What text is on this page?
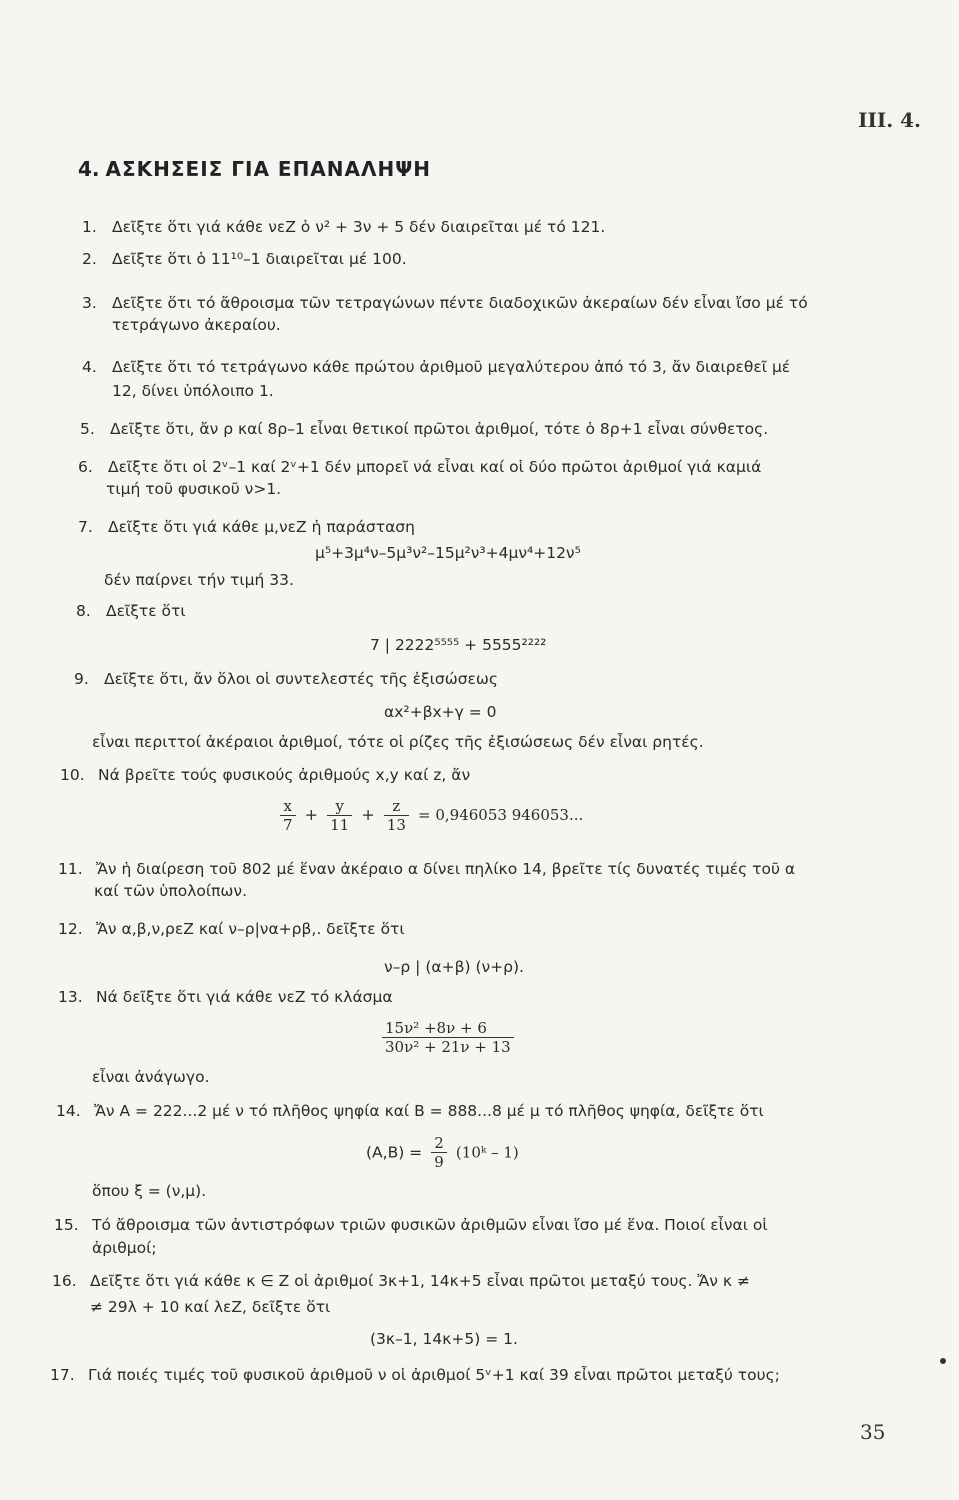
III. 4.
4. ΑΣΚΗΣΕΙΣ ΓΙΑ ΕΠΑΝΑΛΗΨΗ
1. Δεῖξτε ὅτι γιά κάθε νεZ ὁ ν² + 3ν + 5 δέν διαιρεῖται μέ τό 121.
2. Δεῖξτε ὅτι ὁ 11¹⁰–1 διαιρεῖται μέ 100.
3. Δεῖξτε ὅτι τό ἄθροισμα τῶν τετραγώνων πέντε διαδοχικῶν ἀκεραίων δέν εἶναι ἴσο μέ τό
τετράγωνο ἀκεραίου.
4. Δεῖξτε ὅτι τό τετράγωνο κάθε πρώτου ἀριθμοῦ μεγαλύτερου ἀπό τό 3, ἄν διαιρεθεῖ μέ
12, δίνει ὑπόλοιπο 1.
5. Δεῖξτε ὅτι, ἄν ρ καί 8ρ–1 εἶναι θετικοί πρῶτοι ἀριθμοί, τότε ὁ 8ρ+1 εἶναι σύνθετος.
6. Δεῖξτε ὅτι οἱ 2ᵛ–1 καί 2ᵛ+1 δέν μπορεῖ νά εἶναι καί οἱ δύο πρῶτοι ἀριθμοί γιά καμιά
τιμή τοῦ φυσικοῦ ν>1.
7. Δεῖξτε ὅτι γιά κάθε μ,νεZ ἡ παράσταση
μ⁵+3μ⁴ν–5μ³ν²–15μ²ν³+4μν⁴+12ν⁵
δέν παίρνει τήν τιμή 33.
8. Δεῖξτε ὅτι
7 | 2222⁵⁵⁵⁵ + 5555²²²²
9. Δεῖξτε ὅτι, ἄν ὅλοι οἱ συντελεστές τῆς ἐξισώσεως
αx²+βx+γ = 0
εἶναι περιττοί ἀκέραιοι ἀριθμοί, τότε οἱ ρίζες τῆς ἐξισώσεως δέν εἶναι ρητές.
10. Νά βρεῖτε τούς φυσικούς ἀριθμούς x,y καί z, ἄν
$\frac{x}{7} + \frac{y}{11} + \frac{z}{13} = 0,946053$ 946053...
11. Ἄν ἡ διαίρεση τοῦ 802 μέ ἕναν ἀκέραιο α δίνει πηλίκο 14, βρεῖτε τίς δυνατές τιμές τοῦ α
καί τῶν ὑπολοίπων.
12. Ἄν α,β,ν,ρεZ καί ν–ρ|να+ρβ,. δεῖξτε ὅτι
ν–ρ | (α+β) (ν+ρ).
13. Νά δεῖξτε ὅτι γιά κάθε νεZ τό κλάσμα
$\frac{\text{15ν² +8ν + 6}}{\text{30ν² + 21ν + 13}}$
εἶναι ἀνάγωγο.
14. Ἄν A = 222...2 μέ ν τό πλῆθος ψηφία καί B = 888...8 μέ μ τό πλῆθος ψηφία, δεῖξτε ὅτι
$(A,B) = \frac{2}{9}$ (10ᵏ – 1)
ὅπου ξ = (ν,μ).
15. Τό ἄθροισμα τῶν ἀντιστρόφων τριῶν φυσικῶν ἀριθμῶν εἶναι ἴσο μέ ἕνα. Ποιοί εἶναι οἱ
ἀριθμοί;
16. Δεῖξτε ὅτι γιά κάθε κ ∈ Z οἱ ἀριθμοί 3κ+1, 14κ+5 εἶναι πρῶτοι μεταξύ τους. Ἄν κ ≠
≠ 29λ + 10 καί λεZ, δεῖξτε ὅτι
(3κ–1, 14κ+5) = 1.
17. Γιά ποιές τιμές τοῦ φυσικοῦ ἀριθμοῦ ν οἱ ἀριθμοί 5ᵛ+1 καί 39 εἶναι πρῶτοι μεταξύ τους;
35
